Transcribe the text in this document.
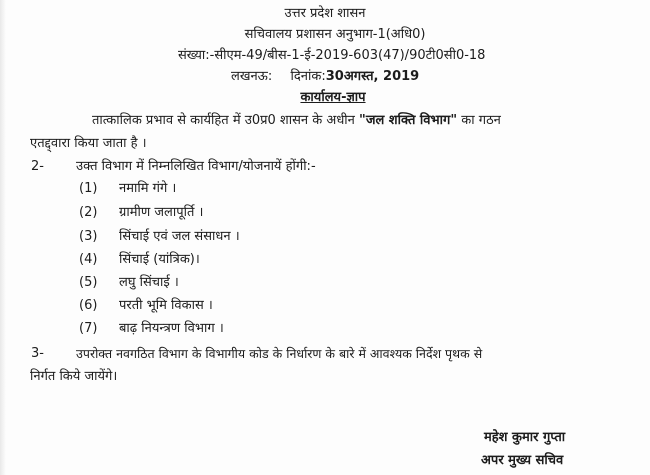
उत्तर प्रदेश शासन
सचिवालय प्रशासन अनुभाग-1(अधि0)
संख्या:-सीएम-49/बीस-1-ई-2019-603(47)/90टी0सी0-18
लखनऊ: दिनांक:30अगस्त, 2019
कार्यालय-ज्ञाप
तात्कालिक प्रभाव से कार्यहित में उ0प्र0 शासन के अधीन "जल शक्ति विभाग" का गठन
एतद्द्वारा किया जाता है ।
2- उक्त विभाग में निम्नलिखित विभाग/योजनायें होंगी:-
(1) नमामि गंगे ।
(2) ग्रामीण जलापूर्ति ।
(3) सिंचाई एवं जल संसाधन ।
(4) सिंचाई (यांत्रिक)।
(5) लघु सिंचाई ।
(6) परती भूमि विकास ।
(7) बाढ़ नियन्त्रण विभाग ।
3-	उपरोक्त नवगठित विभाग के विभागीय कोड के निर्धारण के बारे में आवश्यक निर्देश पृथक से
निर्गत किये जायेंगे।
महेश कुमार गुप्ता
अपर मुख्य सचिव
